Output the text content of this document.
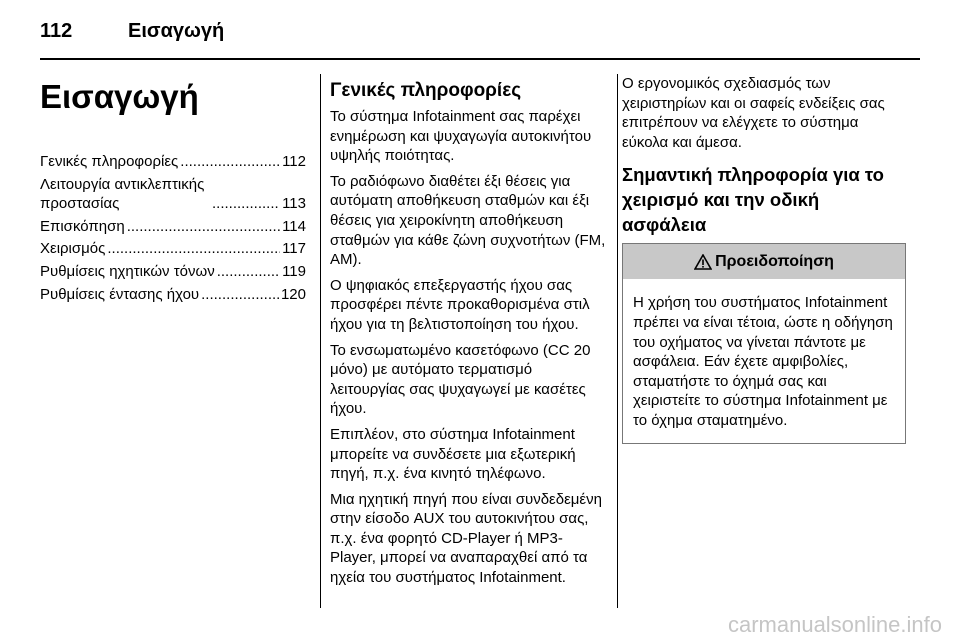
112	Εισαγωγή
Εισαγωγή
Γενικές πληροφορίες .....	112
Λειτουργία αντικλεπτικής προστασίας .....	113
Επισκόπηση .....	114
Χειρισμός .....	117
Ρυθμίσεις ηχητικών τόνων .....	119
Ρυθμίσεις έντασης ήχου .....	120
Γενικές πληροφορίες

Το σύστημα Infotainment σας παρέχει ενημέρωση και ψυχαγωγία αυτοκινήτου υψηλής ποιότητας.

Το ραδιόφωνο διαθέτει έξι θέσεις για αυτόματη αποθήκευση σταθμών και έξι θέσεις για χειροκίνητη αποθήκευση σταθμών για κάθε ζώνη συχνοτήτων (FM, AM).

Ο ψηφιακός επεξεργαστής ήχου σας προσφέρει πέντε προκαθορισμένα στιλ ήχου για τη βελτιστοποίηση του ήχου.

Το ενσωματωμένο κασετόφωνο (CC 20 μόνο) με αυτόματο τερματισμό λειτουργίας σας ψυχαγωγεί με κασέτες ήχου.

Επιπλέον, στο σύστημα Infotainment μπορείτε να συνδέσετε μια εξωτερική πηγή, π.χ. ένα κινητό τηλέφωνο.

Μια ηχητική πηγή που είναι συνδεδεμένη στην είσοδο AUX του αυτοκινήτου σας, π.χ. ένα φορητό CD-Player ή MP3-Player, μπορεί να αναπαραχθεί από τα ηχεία του συστήματος Infotainment.

Ο εργονομικός σχεδιασμός των χειριστηρίων και οι σαφείς ενδείξεις σας επιτρέπουν να ελέγχετε το σύστημα εύκολα και άμεσα.

Σημαντική πληροφορία για το χειρισμό και την οδική ασφάλεια
Προειδοποίηση
Η χρήση του συστήματος Infotainment πρέπει να είναι τέτοια, ώστε η οδήγηση του οχήματος να γίνεται πάντοτε με ασφάλεια. Εάν έχετε αμφιβολίες, σταματήστε το όχημά σας και χειριστείτε το σύστημα Infotainment με το όχημα σταματημένο.
carmanualsonline.info
